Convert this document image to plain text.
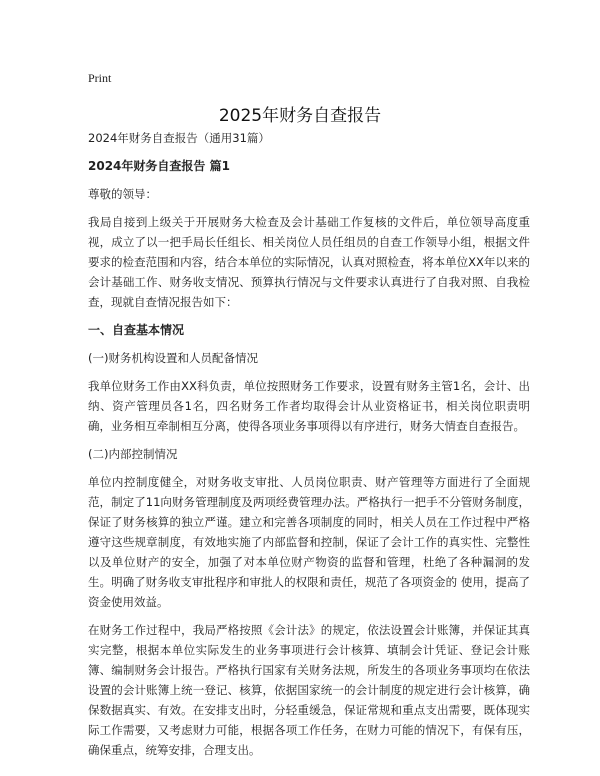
Print
2025年财务自查报告

2024年财务自查报告（通用31篇）

2024年财务自查报告 篇1

尊敬的领导：

我局自接到上级关于开展财务大检查及会计基础工作复核的文件后，单位领导高度重视，成立了以一把手局长任组长、相关岗位人员任组员的自查工作领导小组，根据文件要求的检查范围和内容，结合本单位的实际情况，认真对照检查，将本单位XX年以来的会计基础工作、财务收支情况、预算执行情况与文件要求认真进行了自我对照、自我检查，现就自查情况报告如下：

一、自查基本情况

(一)财务机构设置和人员配备情况

我单位财务工作由XX科负责，单位按照财务工作要求，设置有财务主管1名，会计、出纳、资产管理员各1名，四名财务工作者均取得会计从业资格证书，相关岗位职责明确，业务相互牵制相互分离，使得各项业务事项得以有序进行，财务大情查自查报告。

(二)内部控制情况

单位内控制度健全，对财务收支审批、人员岗位职责、财产管理等方面进行了全面规范，制定了11向财务管理制度及两项经费管理办法。严格执行一把手不分管财务制度，保证了财务核算的独立严谨。建立和完善各项制度的同时，相关人员在工作过程中严格遵守这些规章制度，有效地实施了内部监督和控制，保证了会计工作的真实性、完整性以及单位财产的安全，加强了对本单位财产物资的监督和管理，杜绝了各种漏洞的发生。明确了财务收支审批程序和审批人的权限和责任，规范了各项资金的 使用，提高了资金使用效益。

在财务工作过程中，我局严格按照《会计法》的规定，依法设置会计账簿，并保证其真实完整，根据本单位实际发生的业务事项进行会计核算、填制会计凭证、登记会计账簿、编制财务会计报告。严格执行国家有关财务法规，所发生的各项业务事项均在依法设置的会计账簿上统一登记、核算，依据国家统一的会计制度的规定进行会计核算，确保数据真实、有效。在安排支出时，分轻重缓急，保证常规和重点支出需要，既体现实际工作需要，又考虑财力可能，根据各项工作任务，在财力可能的情况下，有保有压，确保重点，统筹安排，合理支出。
